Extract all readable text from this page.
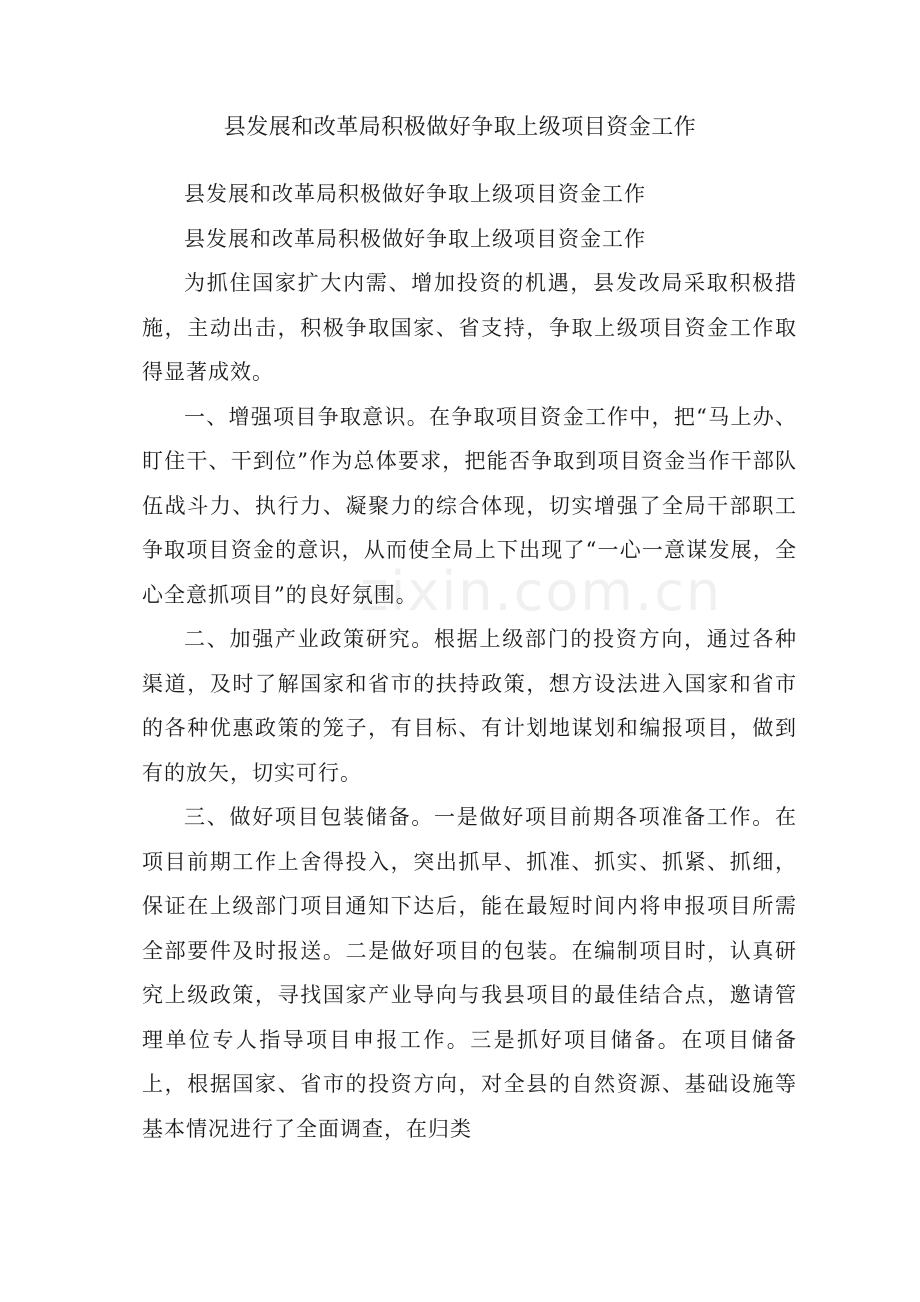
县发展和改革局积极做好争取上级项目资金工作

县发展和改革局积极做好争取上级项目资金工作

县发展和改革局积极做好争取上级项目资金工作

为抓住国家扩大内需、增加投资的机遇，县发改局采取积极措施，主动出击，积极争取国家、省支持，争取上级项目资金工作取得显著成效。

一、增强项目争取意识。在争取项目资金工作中，把“马上办、盯住干、干到位”作为总体要求，把能否争取到项目资金当作干部队伍战斗力、执行力、凝聚力的综合体现，切实增强了全局干部职工争取项目资金的意识，从而使全局上下出现了“一心一意谋发展，全心全意抓项目”的良好氛围。

二、加强产业政策研究。根据上级部门的投资方向，通过各种渠道，及时了解国家和省市的扶持政策，想方设法进入国家和省市的各种优惠政策的笼子，有目标、有计划地谋划和编报项目，做到有的放矢，切实可行。

三、做好项目包装储备。一是做好项目前期各项准备工作。在项目前期工作上舍得投入，突出抓早、抓准、抓实、抓紧、抓细，保证在上级部门项目通知下达后，能在最短时间内将申报项目所需全部要件及时报送。二是做好项目的包装。在编制项目时，认真研究上级政策，寻找国家产业导向与我县项目的最佳结合点，邀请管理单位专人指导项目申报工作。三是抓好项目储备。在项目储备上，根据国家、省市的投资方向，对全县的自然资源、基础设施等基本情况进行了全面调查，在归类

zixin.com.cn
